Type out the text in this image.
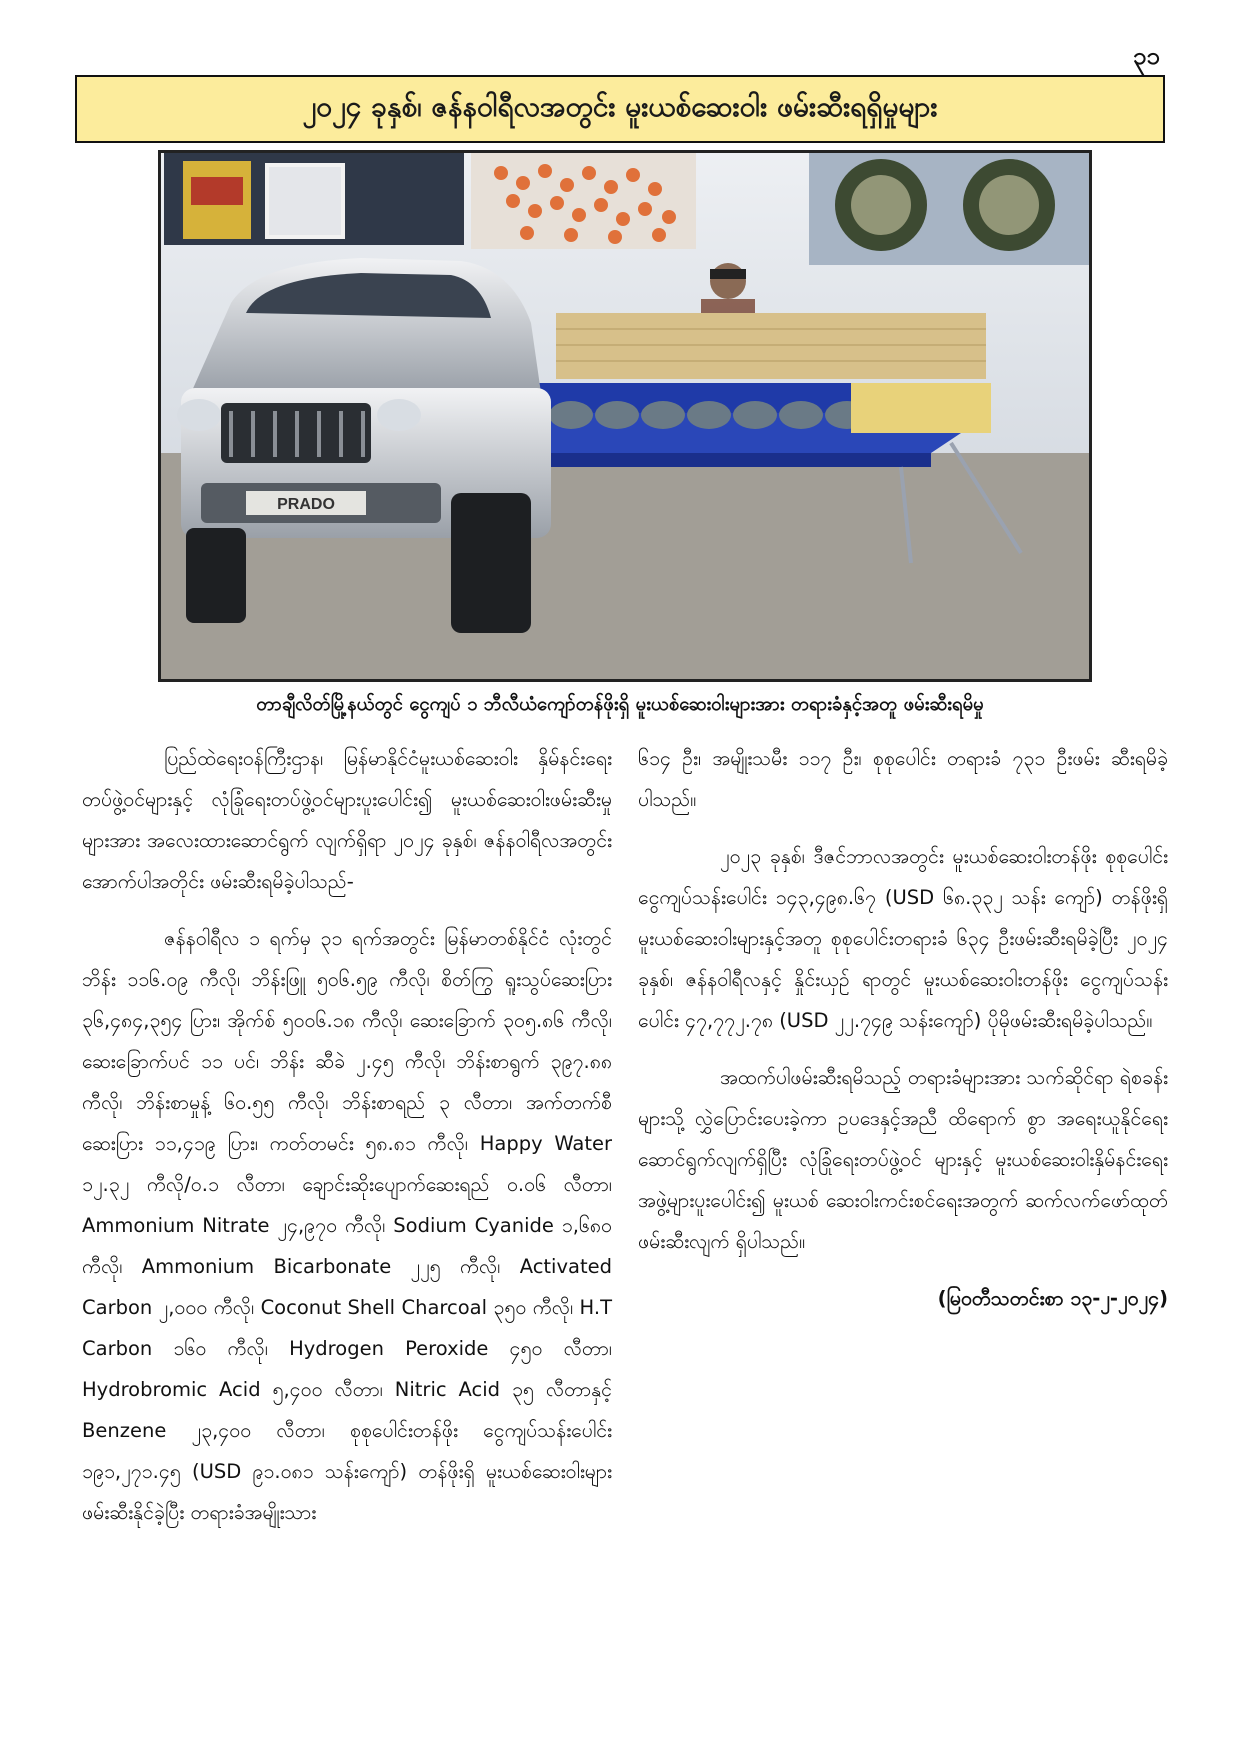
၃၁
၂၀၂၄ ခုနှစ်၊ ဇန်နဝါရီလအတွင်း မူးယစ်ဆေးဝါး ဖမ်းဆီးရရှိမှုများ
PRADO
တာချီလိတ်မြို့နယ်တွင် ငွေကျပ် ၁ ဘီလီယံကျော်တန်ဖိုးရှိ မူးယစ်ဆေးဝါးများအား တရားခံနှင့်အတူ ဖမ်းဆီးရမိမှု

ပြည်ထဲရေးဝန်ကြီးဌာန၊ မြန်မာနိုင်ငံမူးယစ်ဆေးဝါး နှိမ်နင်းရေးတပ်ဖွဲ့ဝင်များနှင့် လုံခြုံရေးတပ်ဖွဲ့ဝင်များပူးပေါင်း၍ မူးယစ်ဆေးဝါးဖမ်းဆီးမှုများအား အလေးထားဆောင်ရွက် လျက်ရှိရာ ၂၀၂၄ ခုနှစ်၊ ဇန်နဝါရီလအတွင်း အောက်ပါအတိုင်း ဖမ်းဆီးရမိခဲ့ပါသည်-

ဇန်နဝါရီလ ၁ ရက်မှ ၃၁ ရက်အတွင်း မြန်မာတစ်နိုင်ငံ လုံးတွင် ဘိန်း ၁၁၆.၀၉ ကီလို၊ ဘိန်းဖြူ ၅၀၆.၅၉ ကီလို၊ စိတ်ကြွ ရူးသွပ်ဆေးပြား ၃၆,၄၈၄,၃၅၄ ပြား၊ အိုက်စ် ၅၀၀၆.၁၈ ကီလို၊ ဆေးခြောက် ၃၀၅.၈၆ ကီလို၊ ဆေးခြောက်ပင် ၁၁ ပင်၊ ဘိန်း ဆီခဲ ၂.၄၅ ကီလို၊ ဘိန်းစာရွက် ၃၉၇.၈၈ ကီလို၊ ဘိန်းစာမှုန့် ၆၀.၅၅ ကီလို၊ ဘိန်းစာရည် ၃ လီတာ၊ အက်တက်စီဆေးပြား ၁၁,၄၁၉ ပြား၊ ကတ်တမင်း ၅၈.၈၁ ကီလို၊ Happy Water ၁၂.၃၂ ကီလို/၀.၁ လီတာ၊ ချောင်းဆိုးပျောက်ဆေးရည် ၀.၀၆ လီတာ၊ Ammonium Nitrate ၂၄,၉၇၀ ကီလို၊ Sodium Cyanide ၁,၆၈၀ ကီလို၊ Ammonium Bicarbonate ၂၂၅ ကီလို၊ Activated Carbon ၂,၀၀၀ ကီလို၊ Coconut Shell Charcoal ၃၅၀ ကီလို၊ H.T Carbon ၁၆၀ ကီလို၊ Hydrogen Peroxide ၄၅၀ လီတာ၊ Hydrobromic Acid ၅,၄၀၀ လီတာ၊ Nitric Acid ၃၅ လီတာနှင့် Benzene ၂၃,၄၀၀ လီတာ၊ စုစုပေါင်းတန်ဖိုး ငွေကျပ်သန်းပေါင်း ၁၉၁,၂၇၁.၄၅ (USD ၉၁.၀၈၁ သန်းကျော်) တန်ဖိုးရှိ မူးယစ်ဆေးဝါးများ ဖမ်းဆီးနိုင်ခဲ့ပြီး တရားခံအမျိုးသား

၆၁၄ ဦး၊ အမျိုးသမီး ၁၁၇ ဦး၊ စုစုပေါင်း တရားခံ ၇၃၁ ဦးဖမ်း ဆီးရမိခဲ့ပါသည်။

၂၀၂၃ ခုနှစ်၊ ဒီဇင်ဘာလအတွင်း မူးယစ်ဆေးဝါးတန်ဖိုး စုစုပေါင်းငွေကျပ်သန်းပေါင်း ၁၄၃,၄၉၈.၆၇ (USD ၆၈.၃၃၂ သန်း ကျော်) တန်ဖိုးရှိ မူးယစ်ဆေးဝါးများနှင့်အတူ စုစုပေါင်းတရားခံ ၆၃၄ ဦးဖမ်းဆီးရမိခဲ့ပြီး ၂၀၂၄ ခုနှစ်၊ ဇန်နဝါရီလနှင့် နှိုင်းယှဉ် ရာတွင် မူးယစ်ဆေးဝါးတန်ဖိုး ငွေကျပ်သန်းပေါင်း ၄၇,၇၇၂.၇၈ (USD ၂၂.၇၄၉ သန်းကျော်) ပိုမိုဖမ်းဆီးရမိခဲ့ပါသည်။

အထက်ပါဖမ်းဆီးရမိသည့် တရားခံများအား သက်ဆိုင်ရာ ရဲစခန်းများသို့ လွှဲပြောင်းပေးခဲ့ကာ ဥပဒေနှင့်အညီ ထိရောက် စွာ အရေးယူနိုင်ရေး ဆောင်ရွက်လျက်ရှိပြီး လုံခြုံရေးတပ်ဖွဲ့ဝင် များနှင့် မူးယစ်ဆေးဝါးနှိမ်နင်းရေးအဖွဲ့များပူးပေါင်း၍ မူးယစ် ဆေးဝါးကင်းစင်ရေးအတွက် ဆက်လက်ဖော်ထုတ်ဖမ်းဆီးလျက် ရှိပါသည်။

(မြဝတီသတင်းစာ ၁၃-၂-၂၀၂၄)
